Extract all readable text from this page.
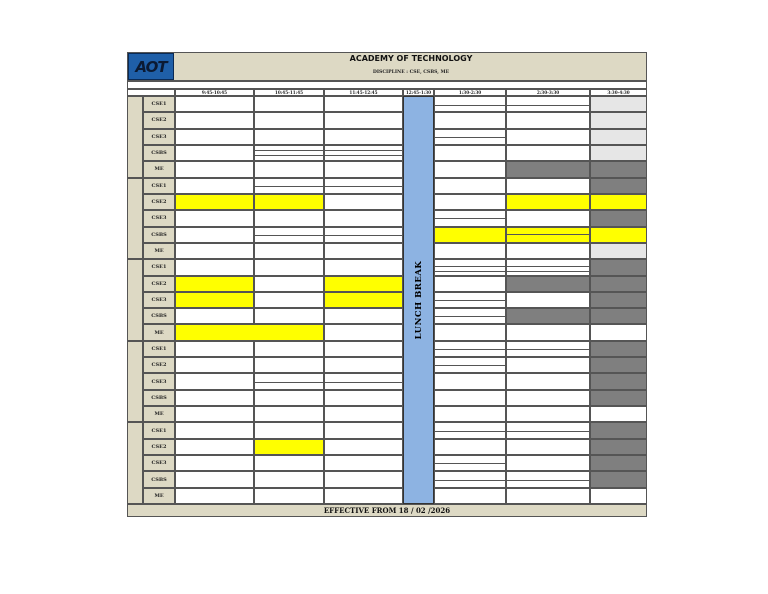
AOT	ACADEMY OF TECHNOLOGY
DISCIPLINE : CSE, CSBS, ME
9:45-10:45	10:45-11:45	11:45-12:45	12:45-1:30	1:30-2:30	2:30-3:30	3:30-4:30
CSE1
CSE2
CSE3
CSBS
ME
CSE1
CSE2
CSE3
CSBS
ME
CSE1
CSE2
CSE3
CSBS
ME
CSE1
CSE2
CSE3
CSBS
ME
CSE1
CSE2
CSE3
CSBS
ME
LUNCH BREAK
EFFECTIVE FROM 18 / 02 /2026
